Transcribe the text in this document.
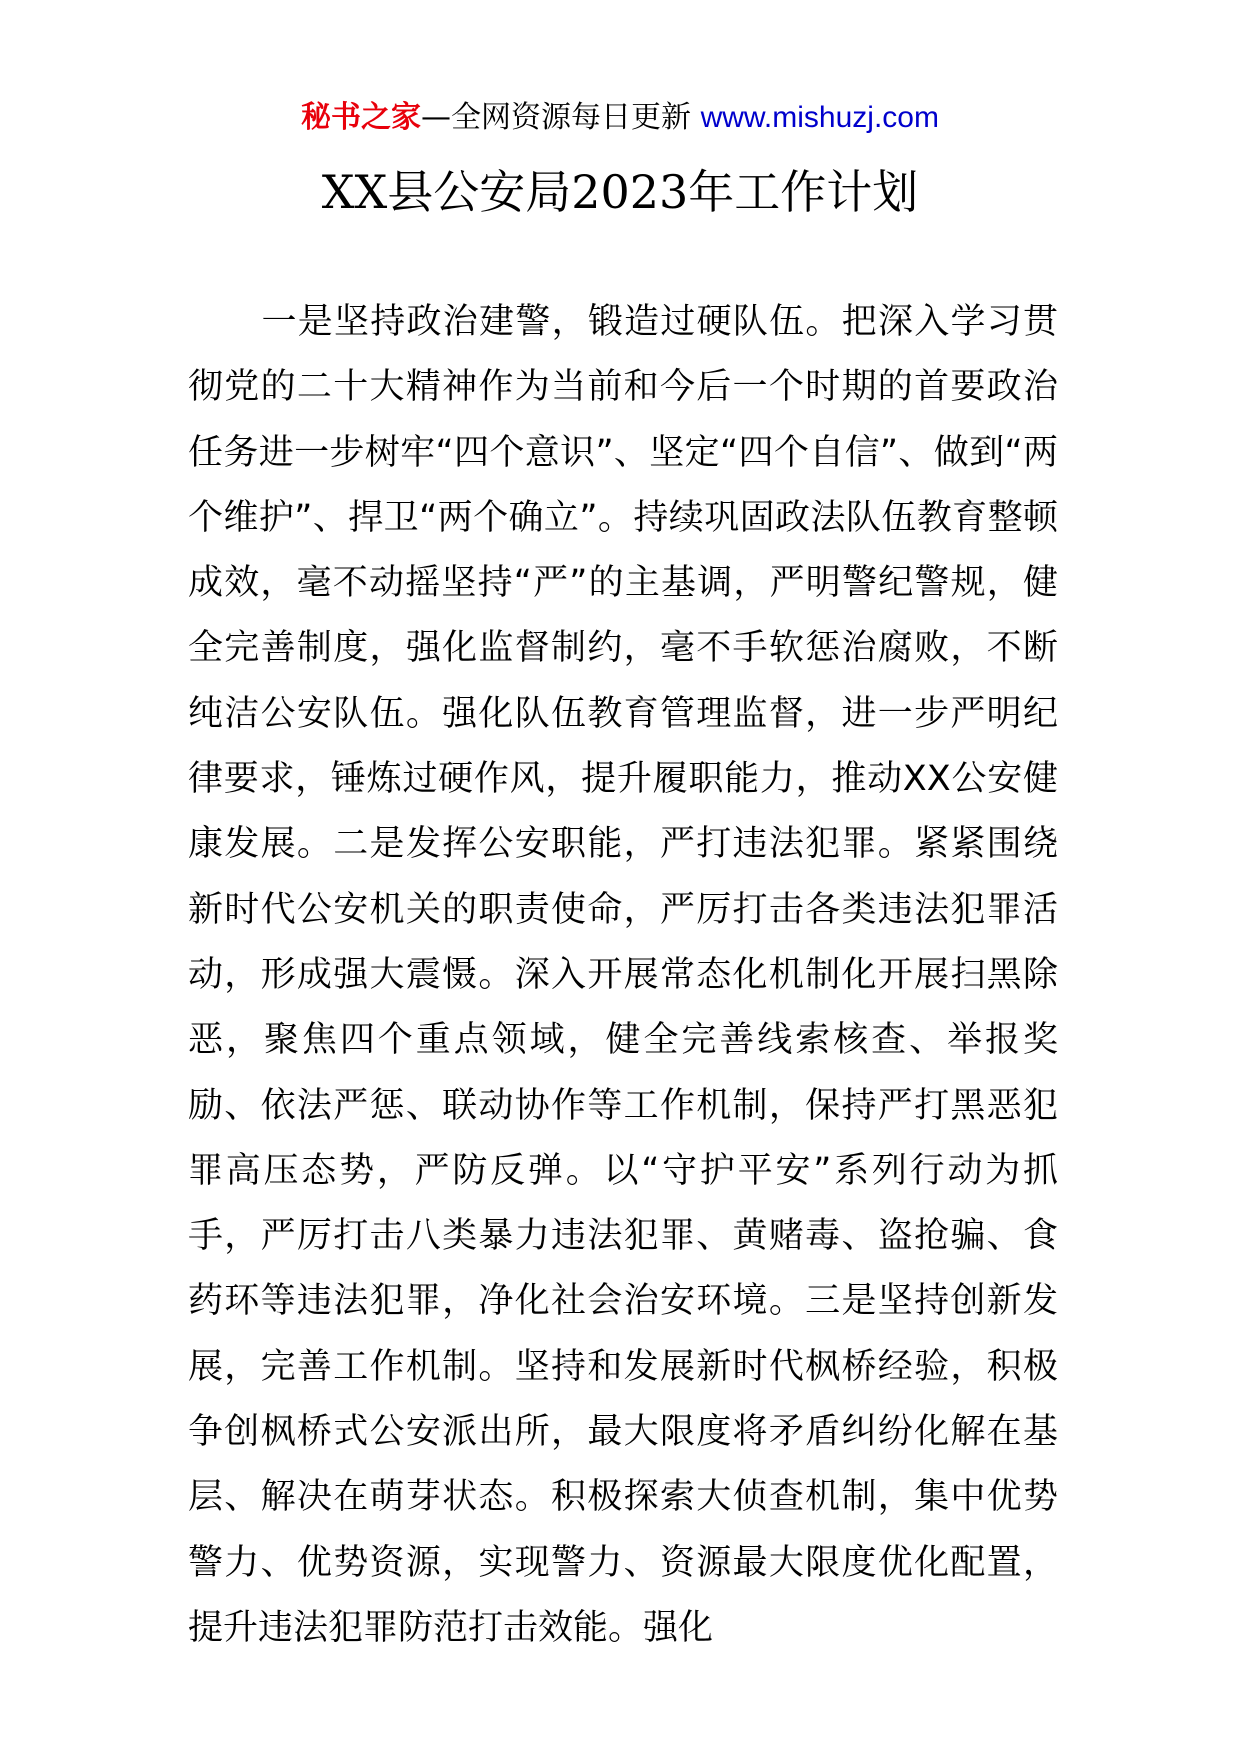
秘书之家—全网资源每日更新 www.mishuzj.com
XX县公安局2023年工作计划

一是坚持政治建警，锻造过硬队伍。把深入学习贯彻党的二十大精神作为当前和今后一个时期的首要政治任务进一步树牢“四个意识”、坚定“四个自信”、做到“两个维护”、捍卫“两个确立”。持续巩固政法队伍教育整顿成效，毫不动摇坚持“严”的主基调，严明警纪警规，健全完善制度，强化监督制约，毫不手软惩治腐败，不断纯洁公安队伍。强化队伍教育管理监督，进一步严明纪律要求，锤炼过硬作风，提升履职能力，推动XX公安健康发展。二是发挥公安职能，严打违法犯罪。紧紧围绕新时代公安机关的职责使命，严厉打击各类违法犯罪活动，形成强大震慑。深入开展常态化机制化开展扫黑除恶，聚焦四个重点领域，健全完善线索核查、举报奖励、依法严惩、联动协作等工作机制，保持严打黑恶犯罪高压态势，严防反弹。以“守护平安”系列行动为抓手，严厉打击八类暴力违法犯罪、黄赌毒、盗抢骗、食药环等违法犯罪，净化社会治安环境。三是坚持创新发展，完善工作机制。坚持和发展新时代枫桥经验，积极争创枫桥式公安派出所，最大限度将矛盾纠纷化解在基层、解决在萌芽状态。积极探索大侦查机制，集中优势警力、优势资源，实现警力、资源最大限度优化配置，提升违法犯罪防范打击效能。强化
